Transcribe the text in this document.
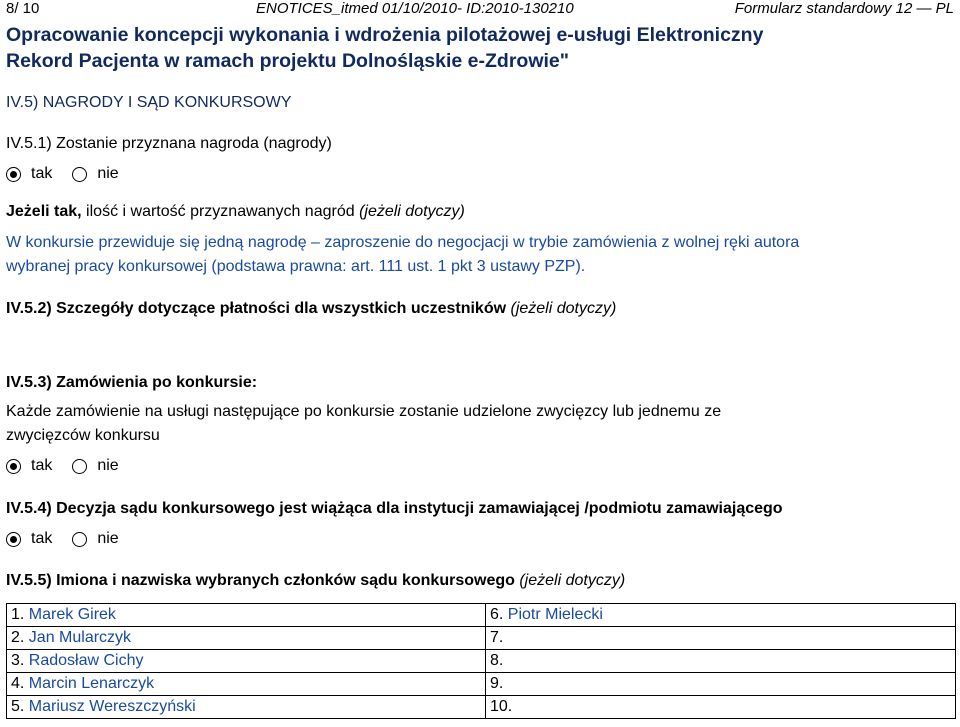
8/ 10	ENOTICES_itmed 01/10/2010- ID:2010-130210	Formularz standardowy 12 — PL
Opracowanie koncepcji wykonania i wdrożenia pilotażowej e-usługi Elektroniczny
Rekord Pacjenta w ramach projektu Dolnośląskie e-Zdrowie"
IV.5) NAGRODY I SĄD KONKURSOWY
IV.5.1) Zostanie przyznana nagroda (nagrody)
tak	nie
Jeżeli tak, ilość i wartość przyznawanych nagród (jeżeli dotyczy)
W konkursie przewiduje się jedną nagrodę – zaproszenie do negocjacji w trybie zamówienia z wolnej ręki autora
wybranej pracy konkursowej (podstawa prawna: art. 111 ust. 1 pkt 3 ustawy PZP).
IV.5.2) Szczegóły dotyczące płatności dla wszystkich uczestników (jeżeli dotyczy)
IV.5.3) Zamówienia po konkursie:
Każde zamówienie na usługi następujące po konkursie zostanie udzielone zwycięzcy lub jednemu ze
zwycięzców konkursu
tak	nie
IV.5.4) Decyzja sądu konkursowego jest wiążąca dla instytucji zamawiającej /podmiotu zamawiającego
tak	nie
IV.5.5) Imiona i nazwiska wybranych członków sądu konkursowego (jeżeli dotyczy)
1. Marek Girek	6. Piotr Mielecki
2. Jan Mularczyk	7.
3. Radosław Cichy	8.
4. Marcin Lenarczyk	9.
5. Mariusz Wereszczyński	10.
